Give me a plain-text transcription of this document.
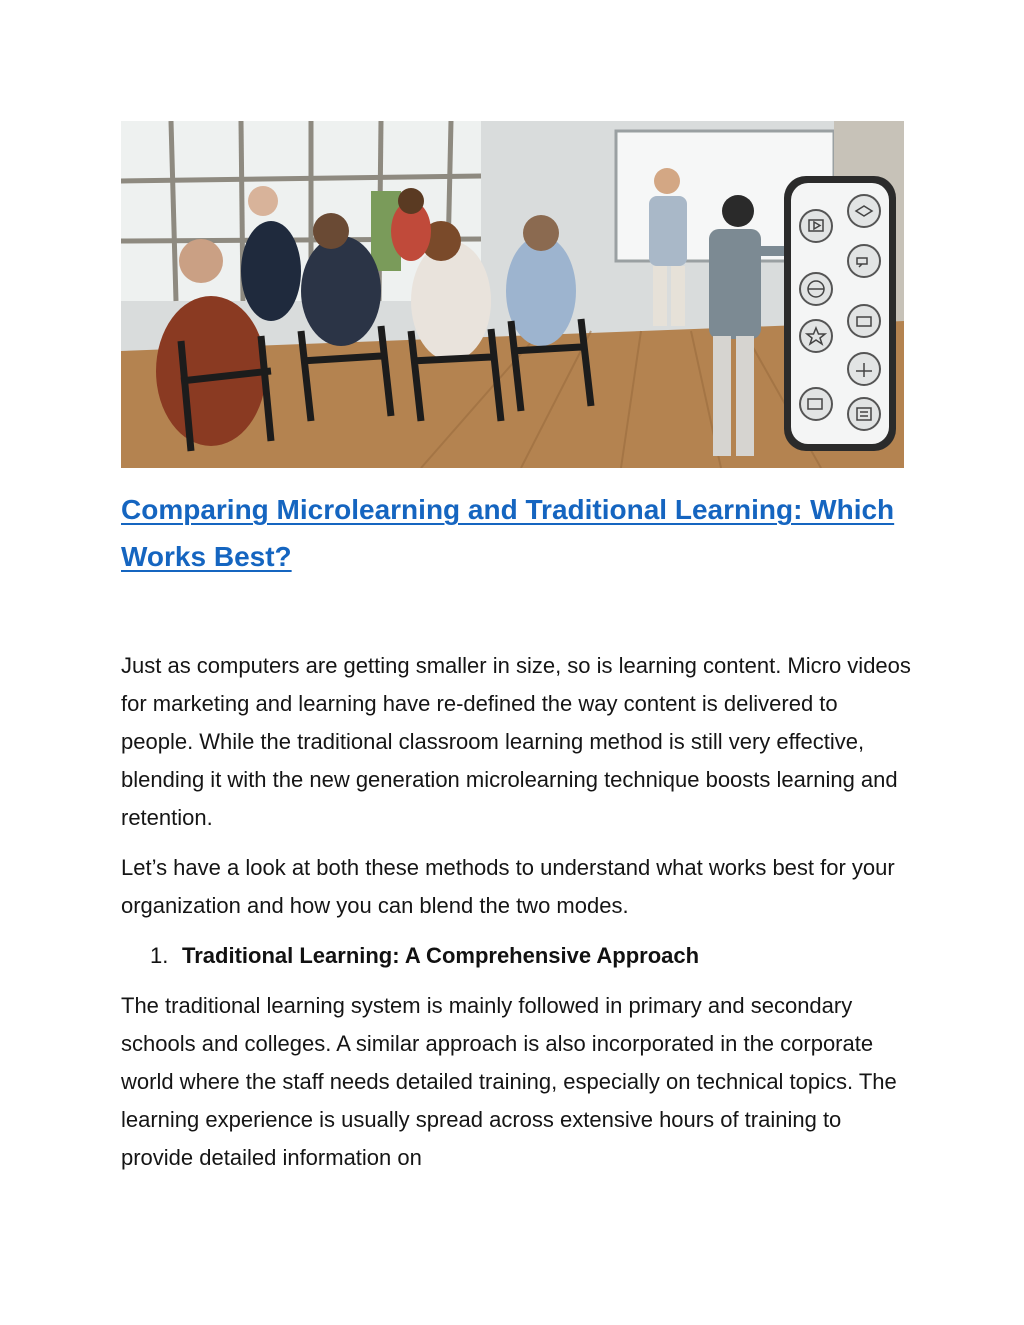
Comparing Microlearning and Traditional Learning: Which Works Best?

Just as computers are getting smaller in size, so is learning content. Micro videos for marketing and learning have re-defined the way content is delivered to people. While the traditional classroom learning method is still very effective, blending it with the new generation microlearning technique boosts learning and retention.

Let’s have a look at both these methods to understand what works best for your organization and how you can blend the two modes.

1. Traditional Learning: A Comprehensive Approach

The traditional learning system is mainly followed in primary and secondary schools and colleges. A similar approach is also incorporated in the corporate world where the staff needs detailed training, especially on technical topics. The learning experience is usually spread across extensive hours of training to provide detailed information on
